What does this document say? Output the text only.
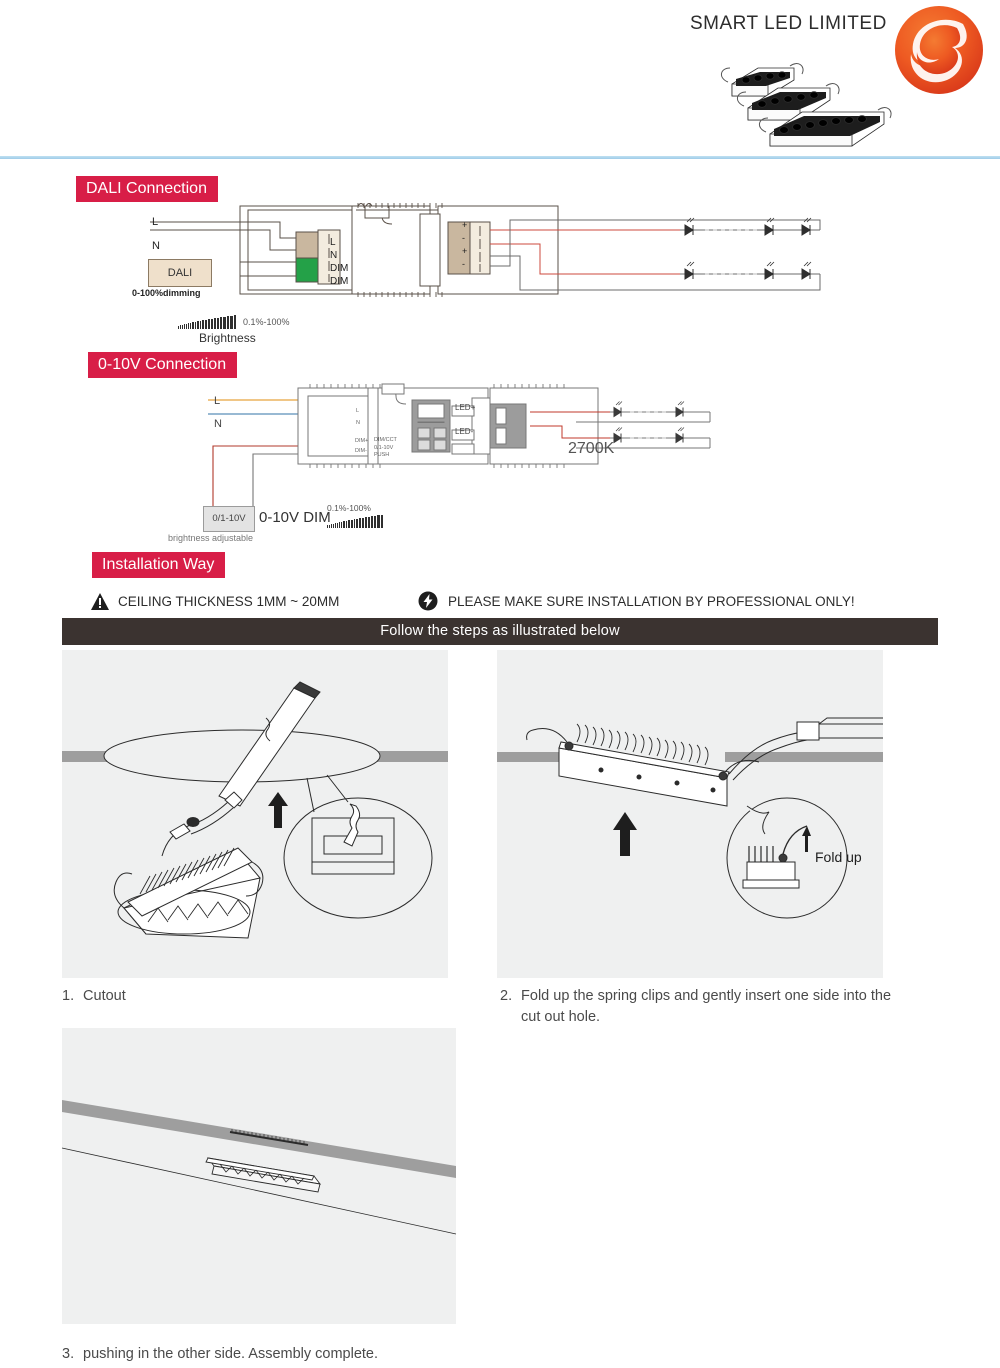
SMART LED LIMITED
DALI Connection
L
N
DALI
0-100%dimming
L
N
DIM
DIM
+
-
+
-
0.1%-100%
Brightness
0-10V Connection
L
N
L
N
DIM+
DIM-
DIM/CCT
0/1-10V
PUSH
LED+
LED-
2700K
0/1-10V
brightness adjustable
0-10V DIM
0.1%-100%
Installation Way
CEILING THICKNESS 1MM ~ 20MM	PLEASE MAKE SURE INSTALLATION BY PROFESSIONAL ONLY!
Follow the steps as illustrated below
Fold up
1. Cutout	2. Fold up the spring clips and gently insert one side into the cut out hole.
3. pushing in the other side. Assembly complete.
